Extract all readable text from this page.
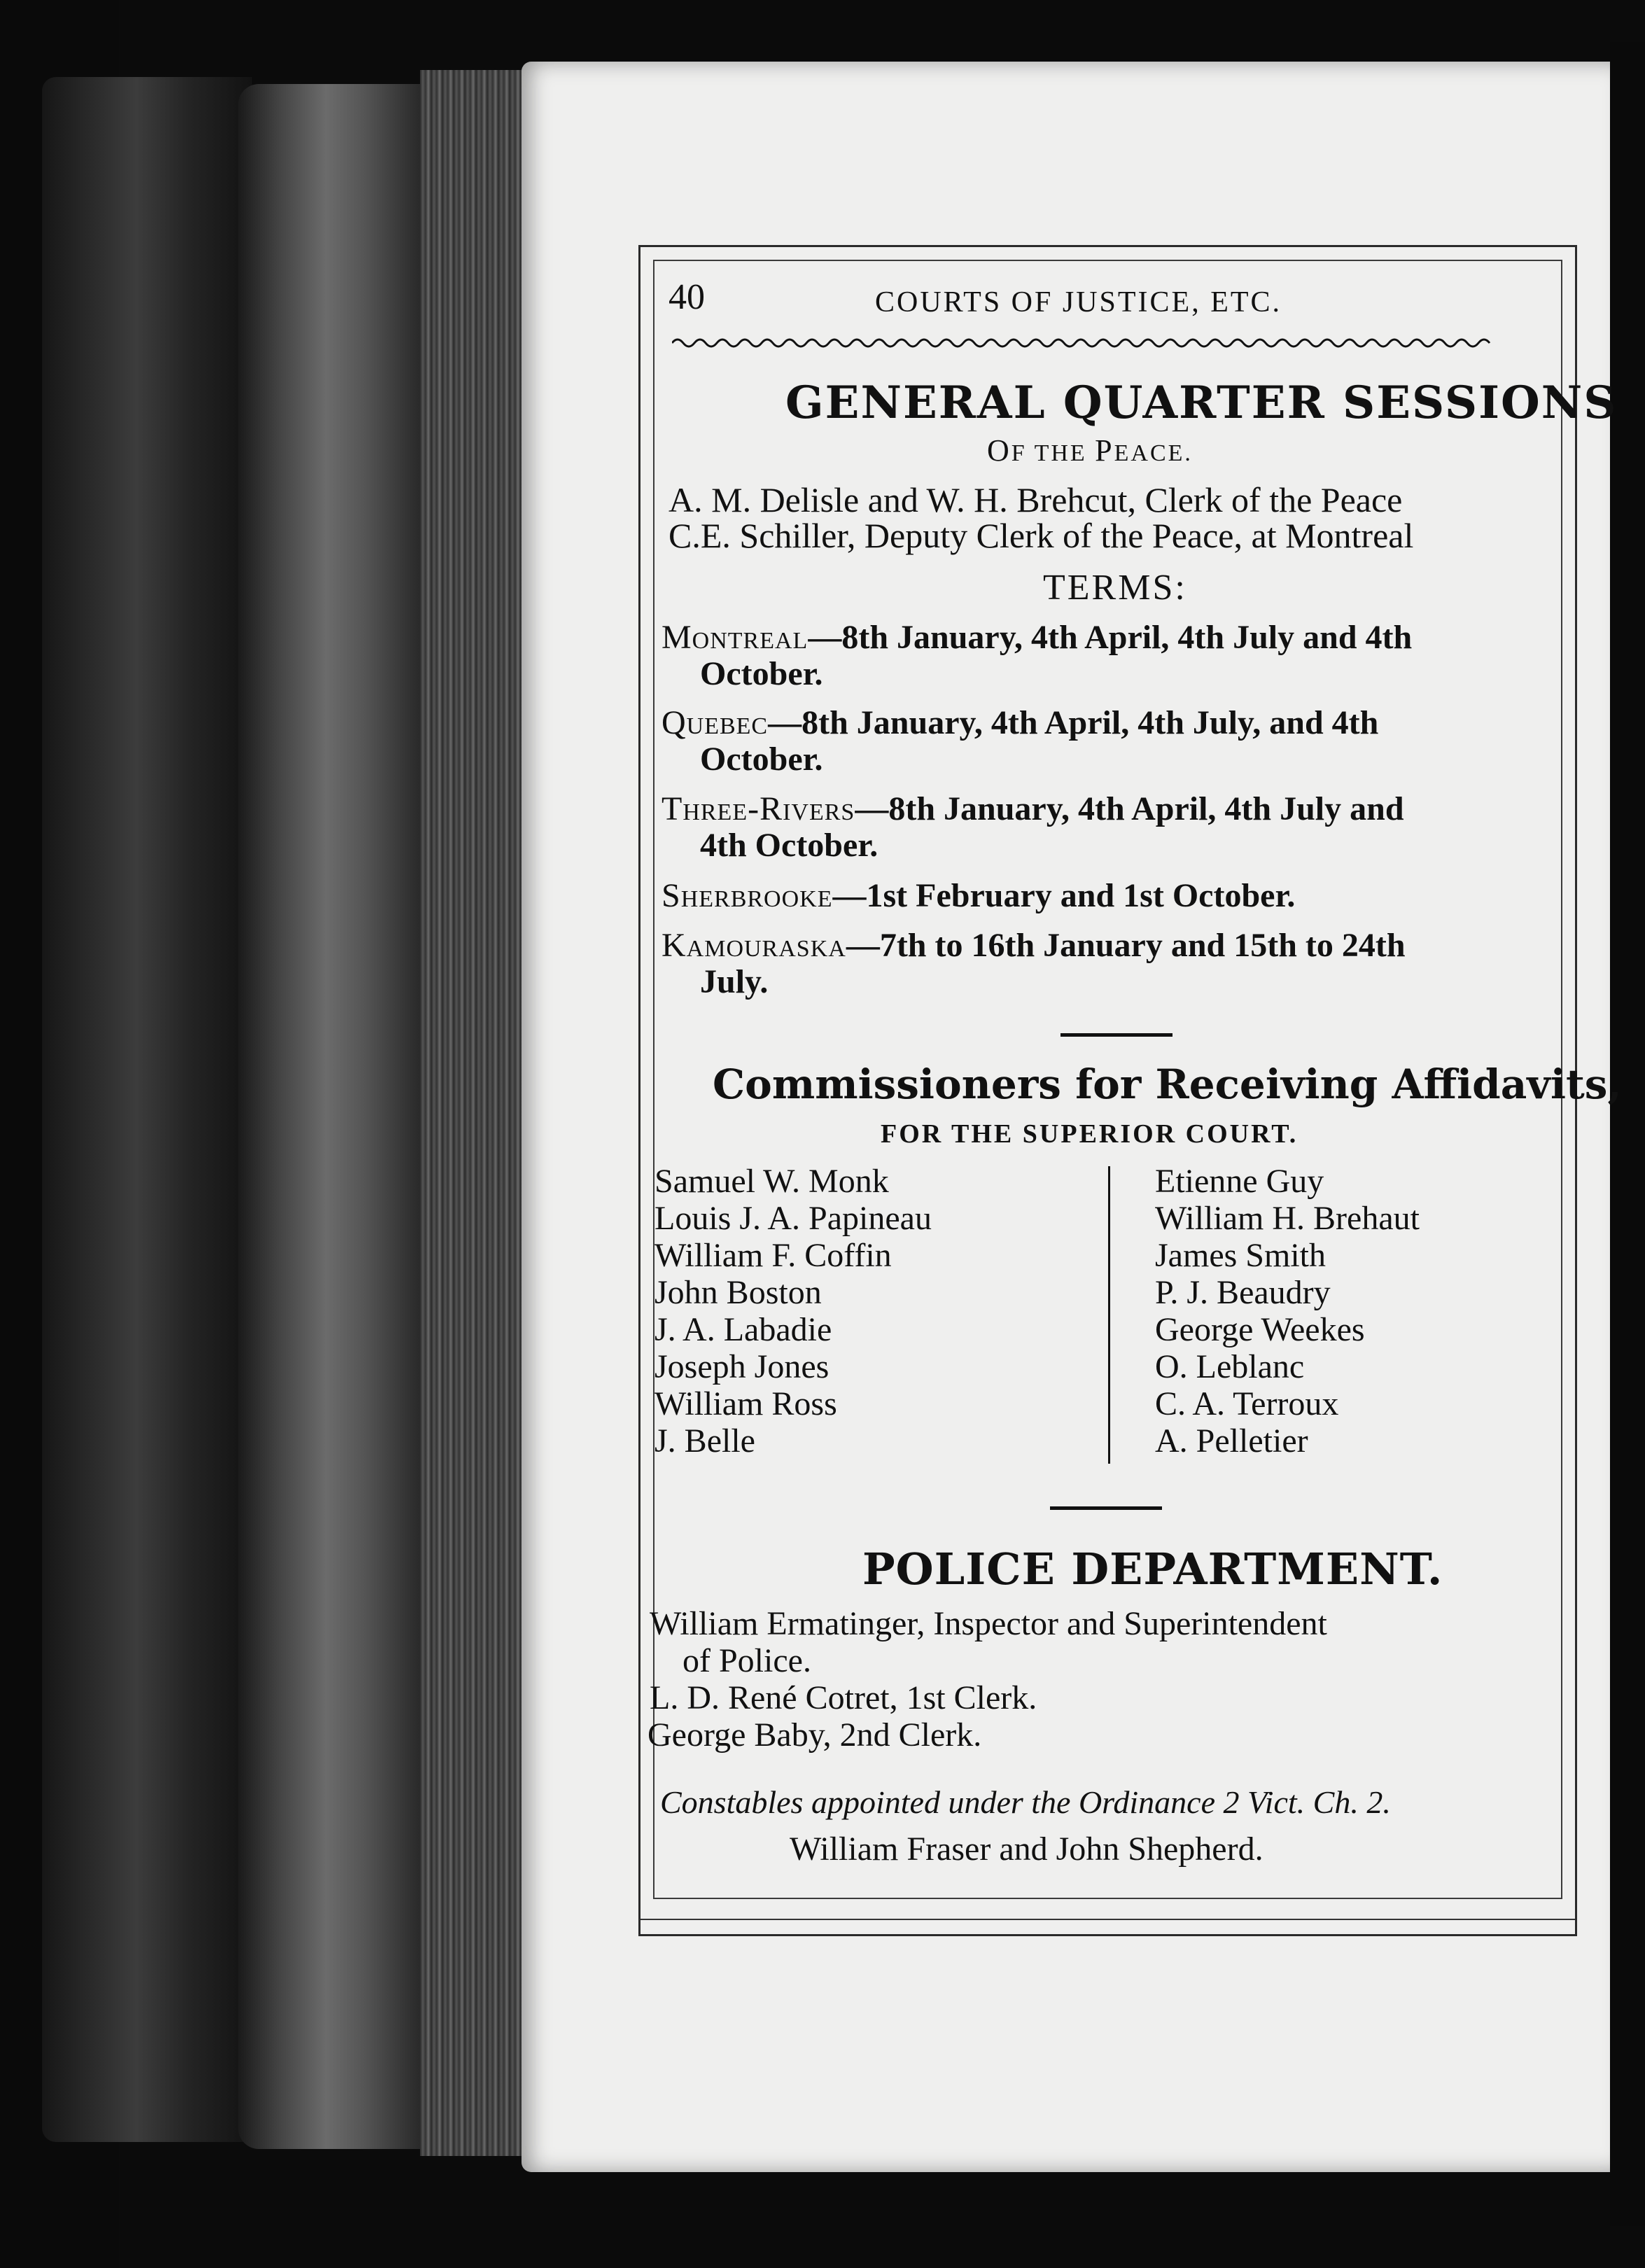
40	COURTS OF JUSTICE, ETC.
GENERAL QUARTER SESSIONS
OF THE PEACE.
A. M. Delisle and W. H. Brehcut, Clerk of the Peace
C.E. Schiller, Deputy Clerk of the Peace, at Montreal
TERMS:
Montreal—8th January, 4th April, 4th July and 4th
October.
Quebec—8th January, 4th April, 4th July, and 4th
October.
Three-Rivers—8th January, 4th April, 4th July and
4th October.
Sherbrooke—1st February and 1st October.
Kamouraska—7th to 16th January and 15th to 24th
July.
Commissioners for Receiving Affidavits,
FOR THE SUPERIOR COURT.
Samuel W. Monk
Louis J. A. Papineau
William F. Coffin
John Boston
J. A. Labadie
Joseph Jones
William Ross
J. Belle
Etienne Guy
William H. Brehaut
James Smith
P. J. Beaudry
George Weekes
O. Leblanc
C. A. Terroux
A. Pelletier
POLICE DEPARTMENT.
William Ermatinger, Inspector and Superintendent
of Police.
L. D. René Cotret, 1st Clerk.
George Baby, 2nd Clerk.
Constables appointed under the Ordinance 2 Vict. Ch. 2.
William Fraser and John Shepherd.
